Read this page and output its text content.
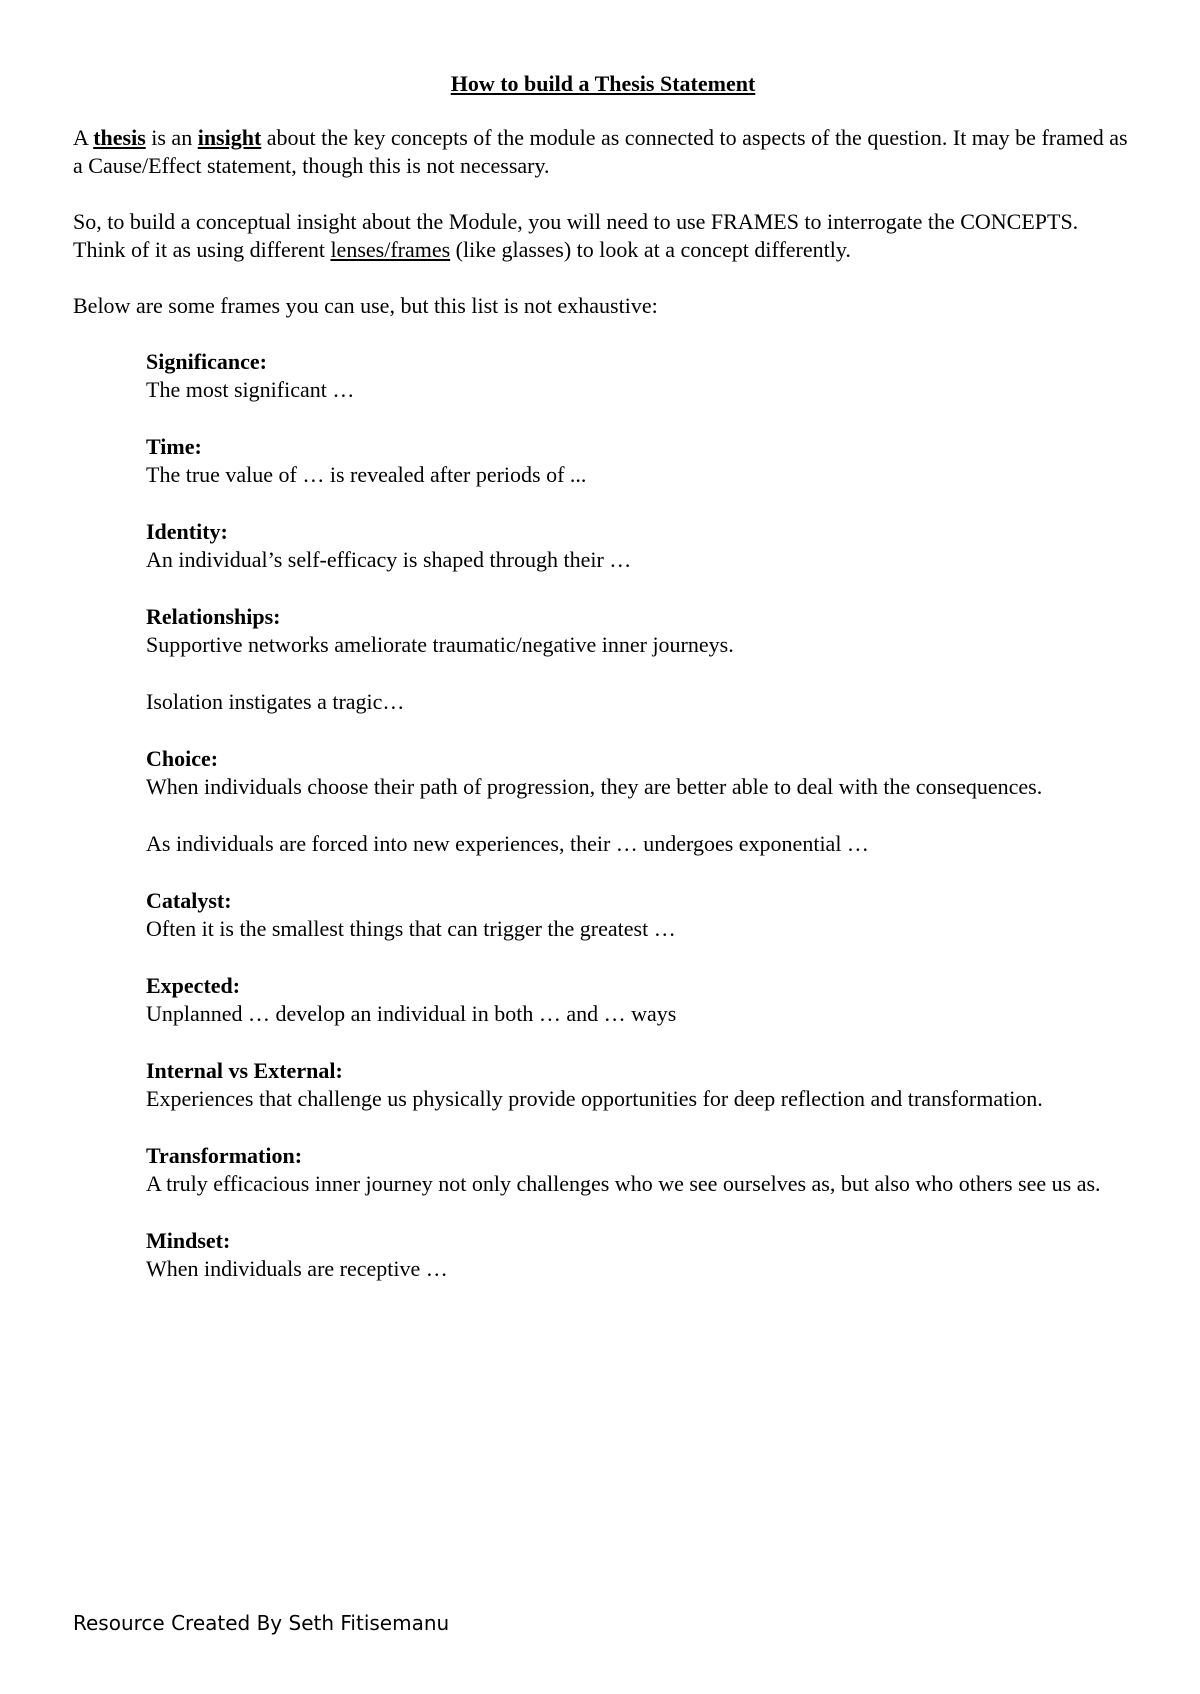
How to build a Thesis Statement

A thesis is an insight about the key concepts of the module as connected to aspects of the question. It may be framed as a Cause/Effect statement, though this is not necessary.

So, to build a conceptual insight about the Module, you will need to use FRAMES to interrogate the CONCEPTS. Think of it as using different lenses/frames (like glasses) to look at a concept differently.

Below are some frames you can use, but this list is not exhaustive:

Significance:
The most significant …
Time:
The true value of … is revealed after periods of ...
Identity:
An individual’s self-efficacy is shaped through their …
Relationships:
Supportive networks ameliorate traumatic/negative inner journeys.
Isolation instigates a tragic…
Choice:
When individuals choose their path of progression, they are better able to deal with the consequences.
As individuals are forced into new experiences, their … undergoes exponential …
Catalyst:
Often it is the smallest things that can trigger the greatest …
Expected:
Unplanned … develop an individual in both … and … ways
Internal vs External:
Experiences that challenge us physically provide opportunities for deep reflection and transformation.
Transformation:
A truly efficacious inner journey not only challenges who we see ourselves as, but also who others see us as.
Mindset:
When individuals are receptive …
Resource Created By Seth Fitisemanu
